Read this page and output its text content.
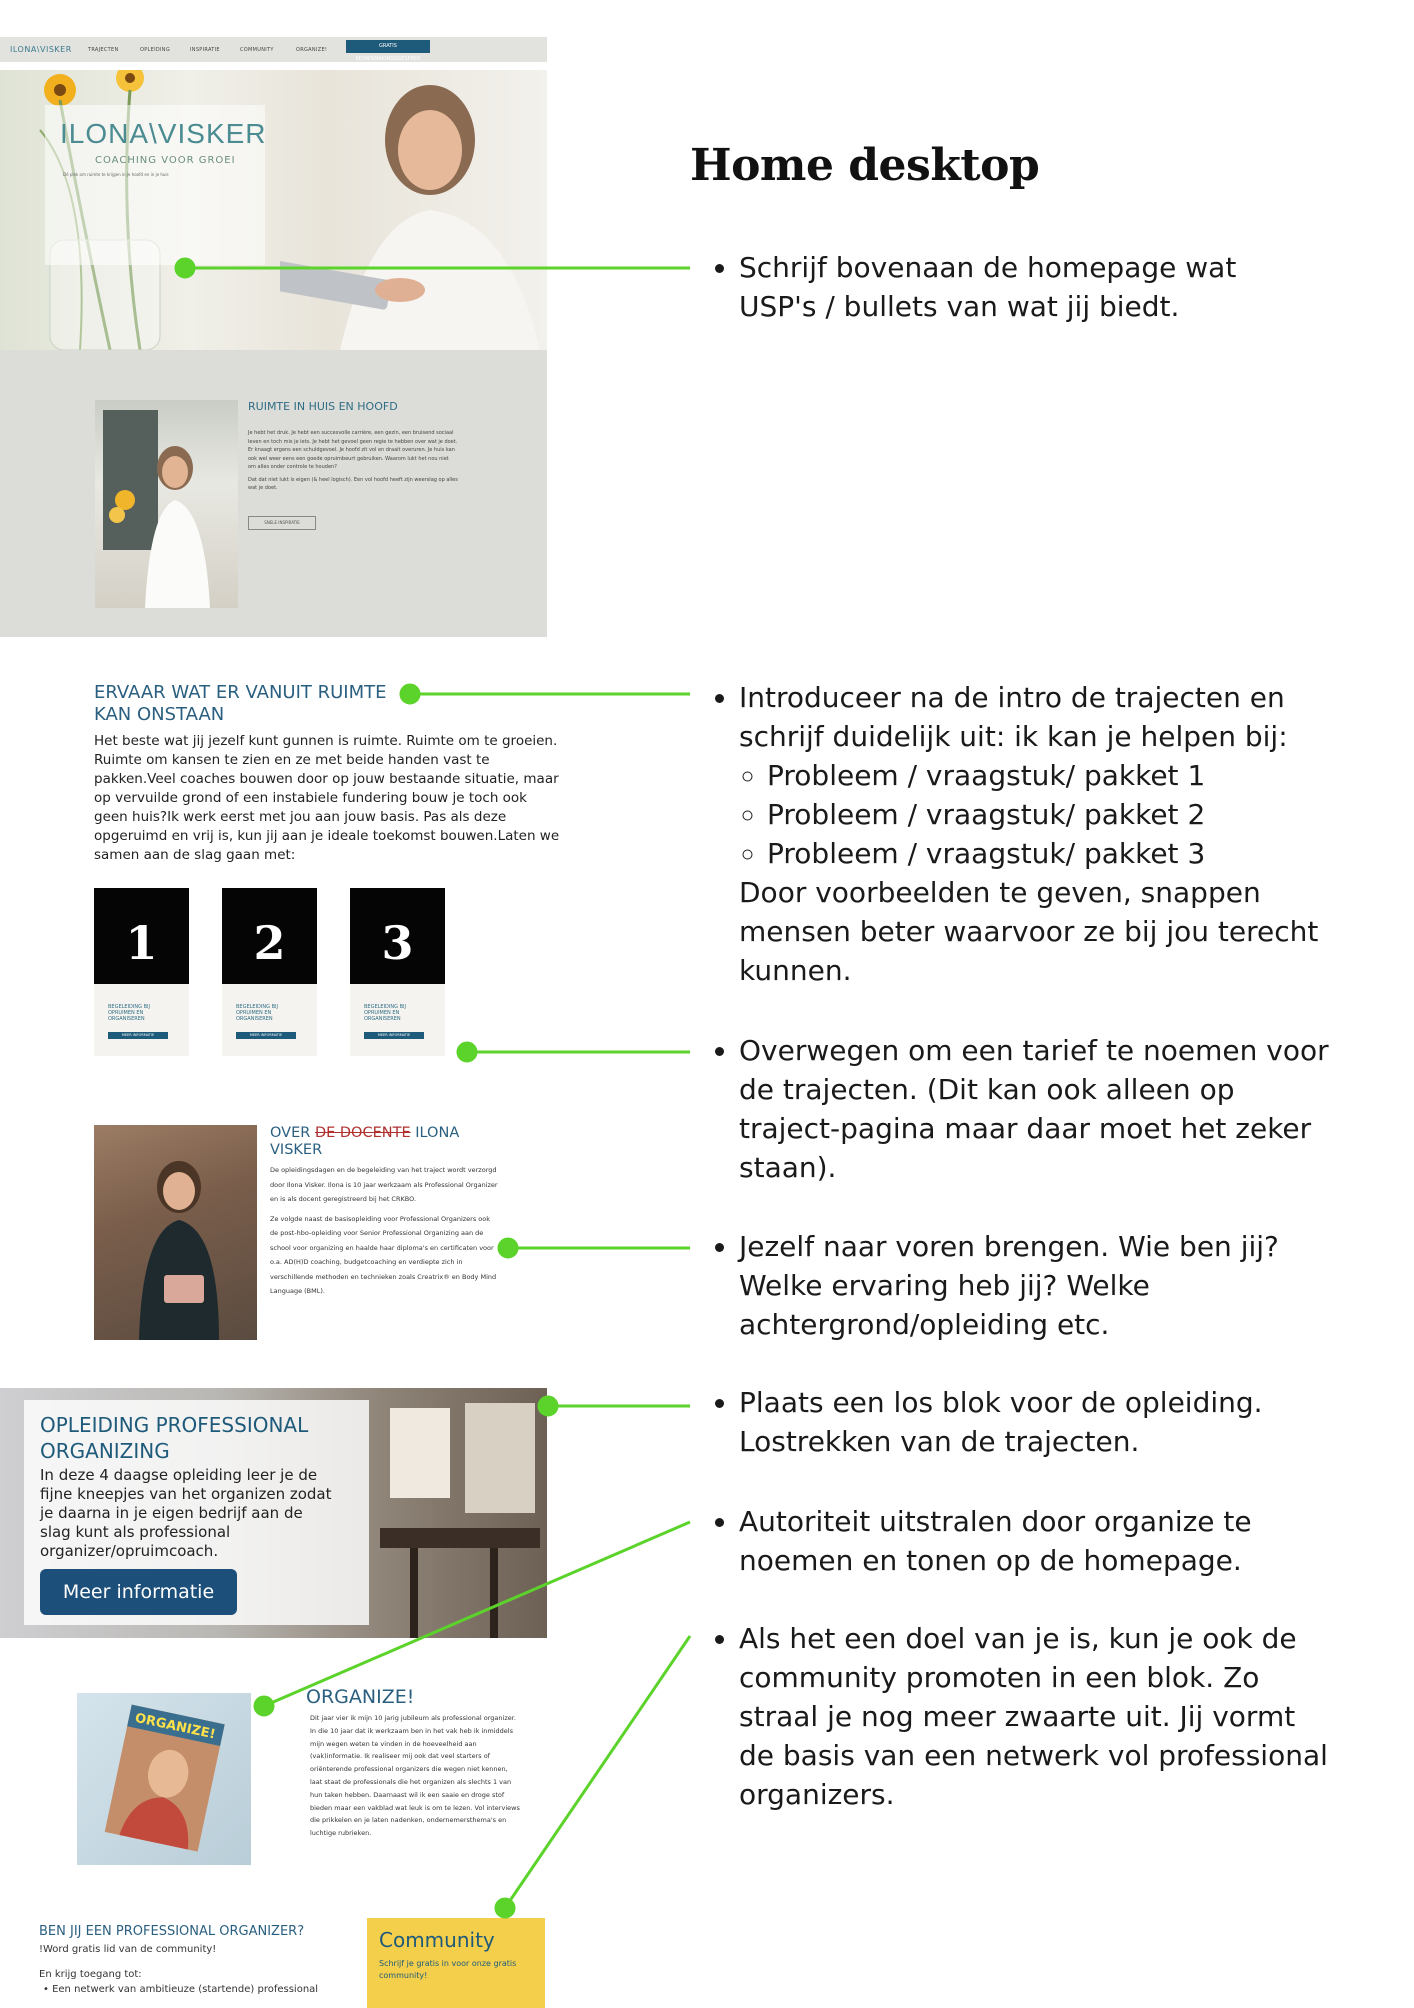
ILONA\VISKER	TRAJECTEN	OPLEIDING	INSPIRATIE	COMMUNITY	ORGANIZE!
GRATIS KENNISMAKINGSGESPREK
ILONA\VISKER
COACHING VOOR GROEI
Dé plek om ruimte te krijgen in je hoofd en in je huis
RUIMTE IN HUIS EN HOOFD
Je hebt het druk. Je hebt een succesvolle carrière, een gezin, een bruisend sociaal leven en toch mis je iets. Je hebt het gevoel geen regie te hebben over wat je doet. Er knaagt ergens een schuldgevoel. Je hoofd zit vol en draait overuren. Je huis kan ook wel weer eens een goede opruimbeurt gebruiken. Waarom lukt het nou niet om alles onder controle te houden?
Dat dat niet lukt is eigen (& heel logisch). Een vol hoofd heeft zijn weerslag op alles wat je doet.
SNELE INSPIRATIE
Home desktop
• Schrijf bovenaan de homepage wat USP's / bullets van wat jij biedt.
• Introduceer na de intro de trajecten en schrijf duidelijk uit: ik kan je helpen bij:
◦ Probleem / vraagstuk/ pakket 1
◦ Probleem / vraagstuk/ pakket 2
◦ Probleem / vraagstuk/ pakket 3
Door voorbeelden te geven, snappen mensen beter waarvoor ze bij jou terecht kunnen.
• Overwegen om een tarief te noemen voor de trajecten. (Dit kan ook alleen op traject-pagina maar daar moet het zeker staan).
• Jezelf naar voren brengen. Wie ben jij? Welke ervaring heb jij? Welke achtergrond/opleiding etc.
• Plaats een los blok voor de opleiding. Lostrekken van de trajecten.
• Autoriteit uitstralen door organize te noemen en tonen op de homepage.
• Als het een doel van je is, kun je ook de community promoten in een blok. Zo straal je nog meer zwaarte uit. Jij vormt de basis van een netwerk vol professional organizers.
ERVAAR WAT ER VANUIT RUIMTE KAN ONSTAAN
Het beste wat jij jezelf kunt gunnen is ruimte. Ruimte om te groeien. Ruimte om kansen te zien en ze met beide handen vast te pakken.Veel coaches bouwen door op jouw bestaande situatie, maar op vervuilde grond of een instabiele fundering bouw je toch ook geen huis?Ik werk eerst met jou aan jouw basis. Pas als deze opgeruimd en vrij is, kun jij aan je ideale toekomst bouwen.Laten we samen aan de slag gaan met:
1
BEGELEIDING BIJ OPRUIMEN EN ORGANISEREN
MEER INFORMATIE
2
BEGELEIDING BIJ OPRUIMEN EN ORGANISEREN
MEER INFORMATIE
3
BEGELEIDING BIJ OPRUIMEN EN ORGANISEREN
MEER INFORMATIE
OVER DE DOCENTE ILONA VISKER
De opleidingsdagen en de begeleiding van het traject wordt verzorgd door Ilona Visker. Ilona is 10 jaar werkzaam als Professional Organizer en is als docent geregistreerd bij het CRKBO.
Ze volgde naast de basisopleiding voor Professional Organizers ook de post-hbo-opleiding voor Senior Professional Organizing aan de school voor organizing en haalde haar diploma's en certificaten voor o.a. AD(H)D coaching, budgetcoaching en verdiepte zich in verschillende methoden en technieken zoals Creatrix® en Body Mind Language (BML).
OPLEIDING PROFESSIONAL ORGANIZING
In deze 4 daagse opleiding leer je de fijne kneepjes van het organizen zodat je daarna in je eigen bedrijf aan de slag kunt als professional organizer/opruimcoach.
Meer informatie
ORGANIZE!
ORGANIZE!
Dit jaar vier ik mijn 10 jarig jubileum als professional organizer. In die 10 jaar dat ik werkzaam ben in het vak heb ik inmiddels mijn wegen weten te vinden in de hoeveelheid aan (vak)informatie. Ik realiseer mij ook dat veel starters of oriënterende professional organizers die wegen niet kennen, laat staat de professionals die het organizen als slechts 1 van hun taken hebben. Daarnaast wil ik een saaie en droge stof bieden maar een vakblad wat leuk is om te lezen. Vol interviews die prikkelen en je laten nadenken, ondernemersthema's en luchtige rubrieken.
BEN JIJ EEN PROFESSIONAL ORGANIZER?
!Word gratis lid van de community!
En krijg toegang tot:
• Een netwerk van ambitieuze (startende) professional
Community
Schrijf je gratis in voor onze gratis community!
